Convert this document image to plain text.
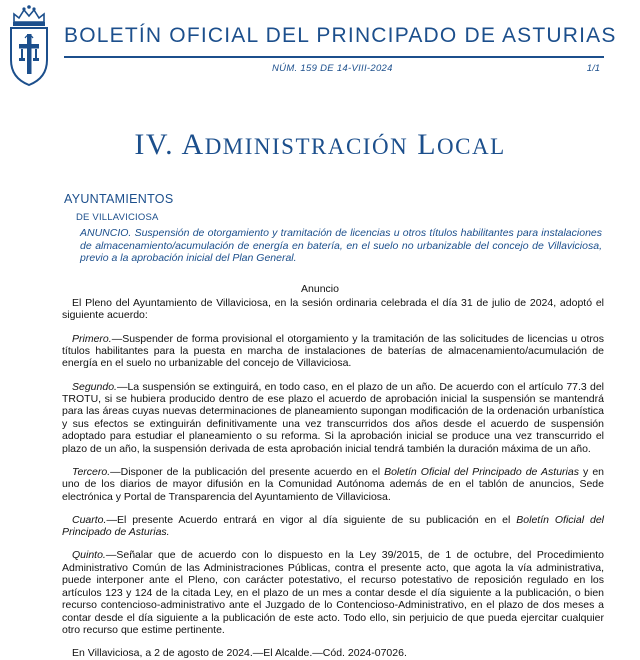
BOLETÍN OFICIAL DEL PRINCIPADO DE ASTURIAS
NÚM. 159 DE 14-VIII-2024	1/1
IV. ADMINISTRACIÓN LOCAL
AYUNTAMIENTOS
DE VILLAVICIOSA
ANUNCIO. Suspensión de otorgamiento y tramitación de licencias u otros títulos habilitantes para instalaciones de almacenamiento/acumulación de energía en batería, en el suelo no urbanizable del concejo de Villaviciosa, previo a la aprobación inicial del Plan General.
Anuncio

El Pleno del Ayuntamiento de Villaviciosa, en la sesión ordinaria celebrada el día 31 de julio de 2024, adoptó el siguiente acuerdo:

Primero.—Suspender de forma provisional el otorgamiento y la tramitación de las solicitudes de licencias u otros títulos habilitantes para la puesta en marcha de instalaciones de baterías de almacenamiento/acumulación de energía en el suelo no urbanizable del concejo de Villaviciosa.

Segundo.—La suspensión se extinguirá, en todo caso, en el plazo de un año. De acuerdo con el artículo 77.3 del TROTU, si se hubiera producido dentro de ese plazo el acuerdo de aprobación inicial la suspensión se mantendrá para las áreas cuyas nuevas determinaciones de planeamiento supongan modificación de la ordenación urbanística y sus efectos se extinguirán definitivamente una vez transcurridos dos años desde el acuerdo de suspensión adoptado para estudiar el planeamiento o su reforma. Si la aprobación inicial se produce una vez transcurrido el plazo de un año, la suspensión derivada de esta aprobación inicial tendrá también la duración máxima de un año.

Tercero.—Disponer de la publicación del presente acuerdo en el Boletín Oficial del Principado de Asturias y en uno de los diarios de mayor difusión en la Comunidad Autónoma además de en el tablón de anuncios, Sede electrónica y Portal de Transparencia del Ayuntamiento de Villaviciosa.

Cuarto.—El presente Acuerdo entrará en vigor al día siguiente de su publicación en el Boletín Oficial del Principado de Asturias.

Quinto.—Señalar que de acuerdo con lo dispuesto en la Ley 39/2015, de 1 de octubre, del Procedimiento Administrativo Común de las Administraciones Públicas, contra el presente acto, que agota la vía administrativa, puede interponer ante el Pleno, con carácter potestativo, el recurso potestativo de reposición regulado en los artículos 123 y 124 de la citada Ley, en el plazo de un mes a contar desde el día siguiente a la publicación, o bien recurso contencioso-administrativo ante el Juzgado de lo Contencioso-Administrativo, en el plazo de dos meses a contar desde el día siguiente a la publicación de este acto. Todo ello, sin perjuicio de que pueda ejercitar cualquier otro recurso que estime pertinente.

En Villaviciosa, a 2 de agosto de 2024.—El Alcalde.—Cód. 2024-07026.
